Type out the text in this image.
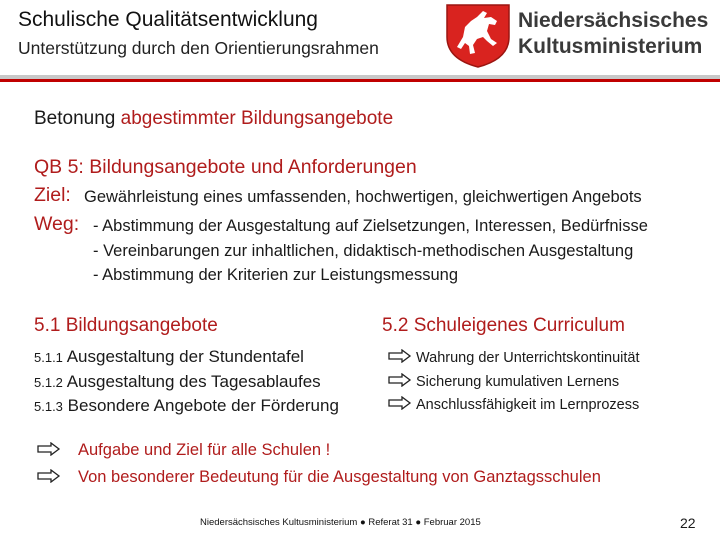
Schulische Qualitätsentwicklung
Unterstützung durch den Orientierungsrahmen
Niedersächsisches
Kultusministerium
Betonung abgestimmter Bildungsangebote
QB 5: Bildungsangebote und Anforderungen
Ziel: Gewährleistung eines umfassenden, hochwertigen, gleichwertigen Angebots
Weg: - Abstimmung der Ausgestaltung auf Zielsetzungen, Interessen, Bedürfnisse
- Vereinbarungen zur inhaltlichen, didaktisch-methodischen Ausgestaltung
- Abstimmung der Kriterien zur Leistungsmessung
5.1 Bildungsangebote
5.1.1 Ausgestaltung der Stundentafel
5.1.2 Ausgestaltung des Tagesablaufes
5.1.3 Besondere Angebote der Förderung
5.2 Schuleigenes Curriculum
Wahrung der Unterrichtskontinuität
Sicherung kumulativen Lernens
Anschlussfähigkeit im Lernprozess
Aufgabe und Ziel für alle Schulen !
Von besonderer Bedeutung für die Ausgestaltung von Ganztagsschulen
Niedersächsisches Kultusministerium ● Referat 31 ● Februar 2015	22
